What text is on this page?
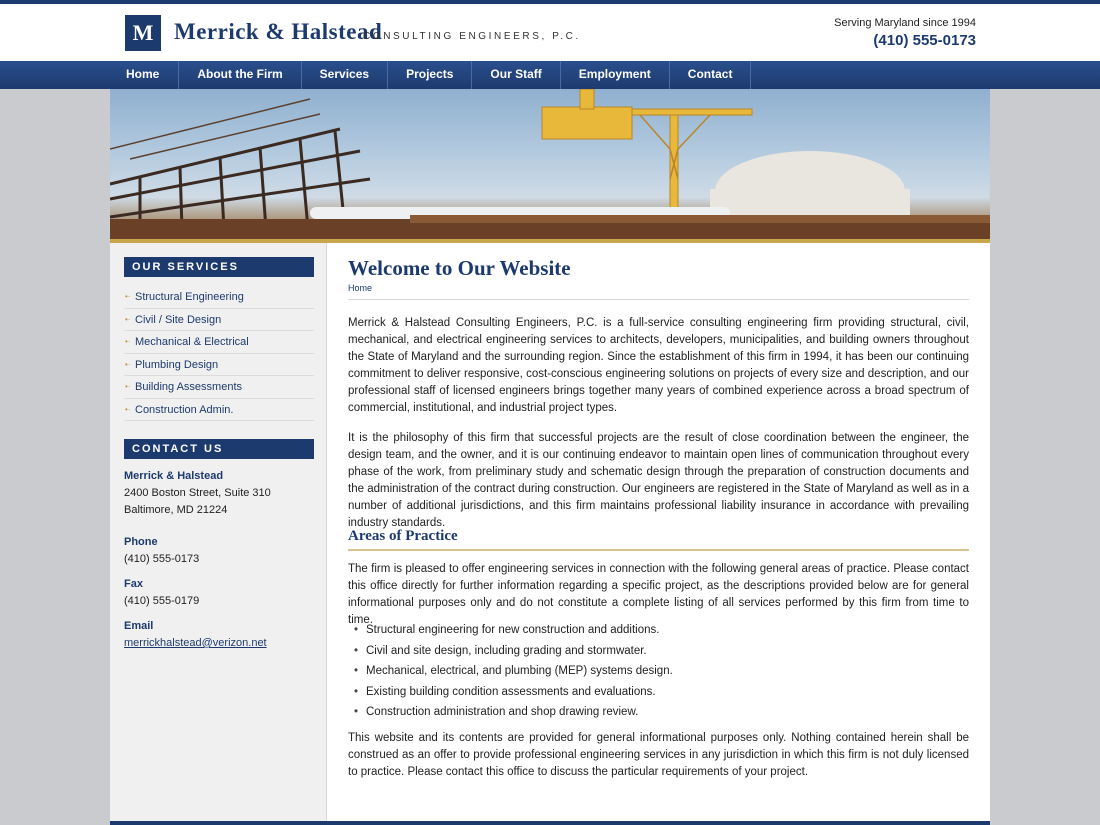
M Merrick & Halstead
CONSULTING ENGINEERS, P.C.
Serving Maryland since 1994
(410) 555-0173
Home	About the Firm	Services	Projects	Our Staff	Employment	Contact
OUR SERVICES
•· Structural Engineering
•· Civil / Site Design
•· Mechanical & Electrical
•· Plumbing Design
•· Building Assessments
•· Construction Admin.
CONTACT US
Merrick & Halstead
2400 Boston Street, Suite 310
Baltimore, MD 21224
Phone
(410) 555-0173
Fax
(410) 555-0179
Email
merrickhalstead@verizon.net
Welcome to Our Website
Home
Merrick & Halstead Consulting Engineers, P.C. is a full-service consulting engineering firm providing structural, civil, mechanical, and electrical engineering services to architects, developers, municipalities, and building owners throughout the State of Maryland and the surrounding region. Since the establishment of this firm in 1994, it has been our continuing commitment to deliver responsive, cost-conscious engineering solutions on projects of every size and description, and our professional staff of licensed engineers brings together many years of combined experience across a broad spectrum of commercial, institutional, and industrial project types.
It is the philosophy of this firm that successful projects are the result of close coordination between the engineer, the design team, and the owner, and it is our continuing endeavor to maintain open lines of communication throughout every phase of the work, from preliminary study and schematic design through the preparation of construction documents and the administration of the contract during construction. Our engineers are registered in the State of Maryland as well as in a number of additional jurisdictions, and this firm maintains professional liability insurance in accordance with prevailing industry standards.
Areas of Practice
The firm is pleased to offer engineering services in connection with the following general areas of practice. Please contact this office directly for further information regarding a specific project, as the descriptions provided below are for general informational purposes only and do not constitute a complete listing of all services performed by this firm from time to time.
• Structural engineering for new construction and additions.
• Civil and site design, including grading and stormwater.
• Mechanical, electrical, and plumbing (MEP) systems design.
• Existing building condition assessments and evaluations.
• Construction administration and shop drawing review.
This website and its contents are provided for general informational purposes only. Nothing contained herein shall be construed as an offer to provide professional engineering services in any jurisdiction in which this firm is not duly licensed to practice. Please contact this office to discuss the particular requirements of your project.
